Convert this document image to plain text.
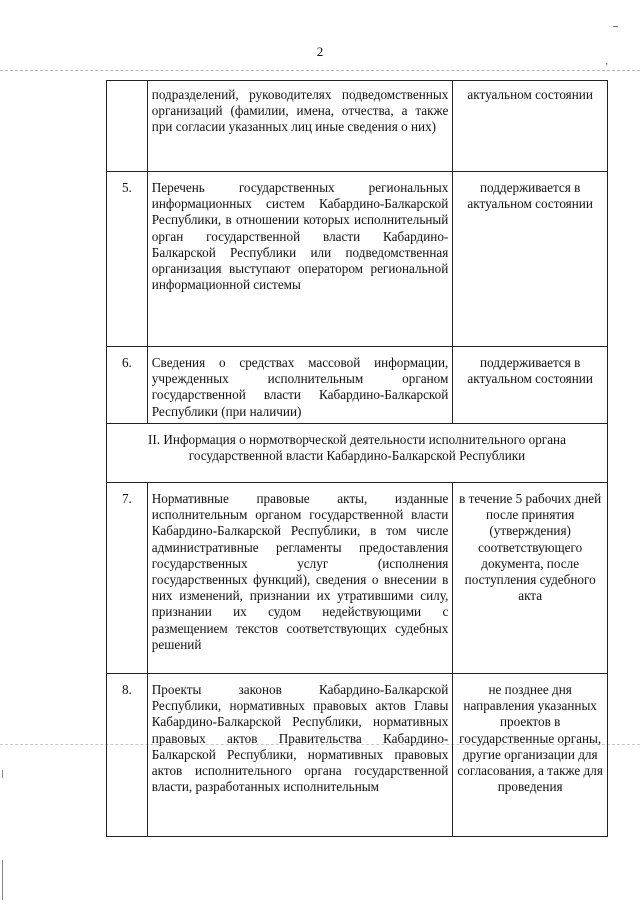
,
2
	подразделений, руководителях подведомственных организаций (фамилии, имена, отчества, а также при согласии указанных лиц иные сведения о них)	актуальном состоянии
5.	Перечень государственных региональных информационных систем Кабардино-Балкарской Республики, в отношении которых исполнительный орган государственной власти Кабардино-Балкарской Республики или подведомственная организация выступают оператором региональной информационной системы	поддерживается в актуальном состоянии
6.	Сведения о средствах массовой информации, учрежденных исполнительным органом государственной власти Кабардино-Балкарской Республики (при наличии)	поддерживается в актуальном состоянии
II. Информация о нормотворческой деятельности исполнительного органа государственной власти Кабардино-Балкарской Республики		
7.	Нормативные правовые акты, изданные исполнительным органом государственной власти Кабардино-Балкарской Республики, в том числе административные регламенты предоставления государственных услуг (исполнения государственных функций), сведения о внесении в них изменений, признании их утратившими силу, признании их судом недействующими с размещением текстов соответствующих судебных решений	в течение 5 рабочих дней после принятия (утверждения) соответствующего документа, после поступления судебного акта
8.	Проекты законов Кабардино-Балкарской Республики, нормативных правовых актов Главы Кабардино-Балкарской Республики, нормативных правовых актов Правительства Кабардино-Балкарской Республики, нормативных правовых актов исполнительного органа государственной власти, разработанных исполнительным	не позднее дня направления указанных проектов в государственные органы, другие организации для согласования, а также для проведения
